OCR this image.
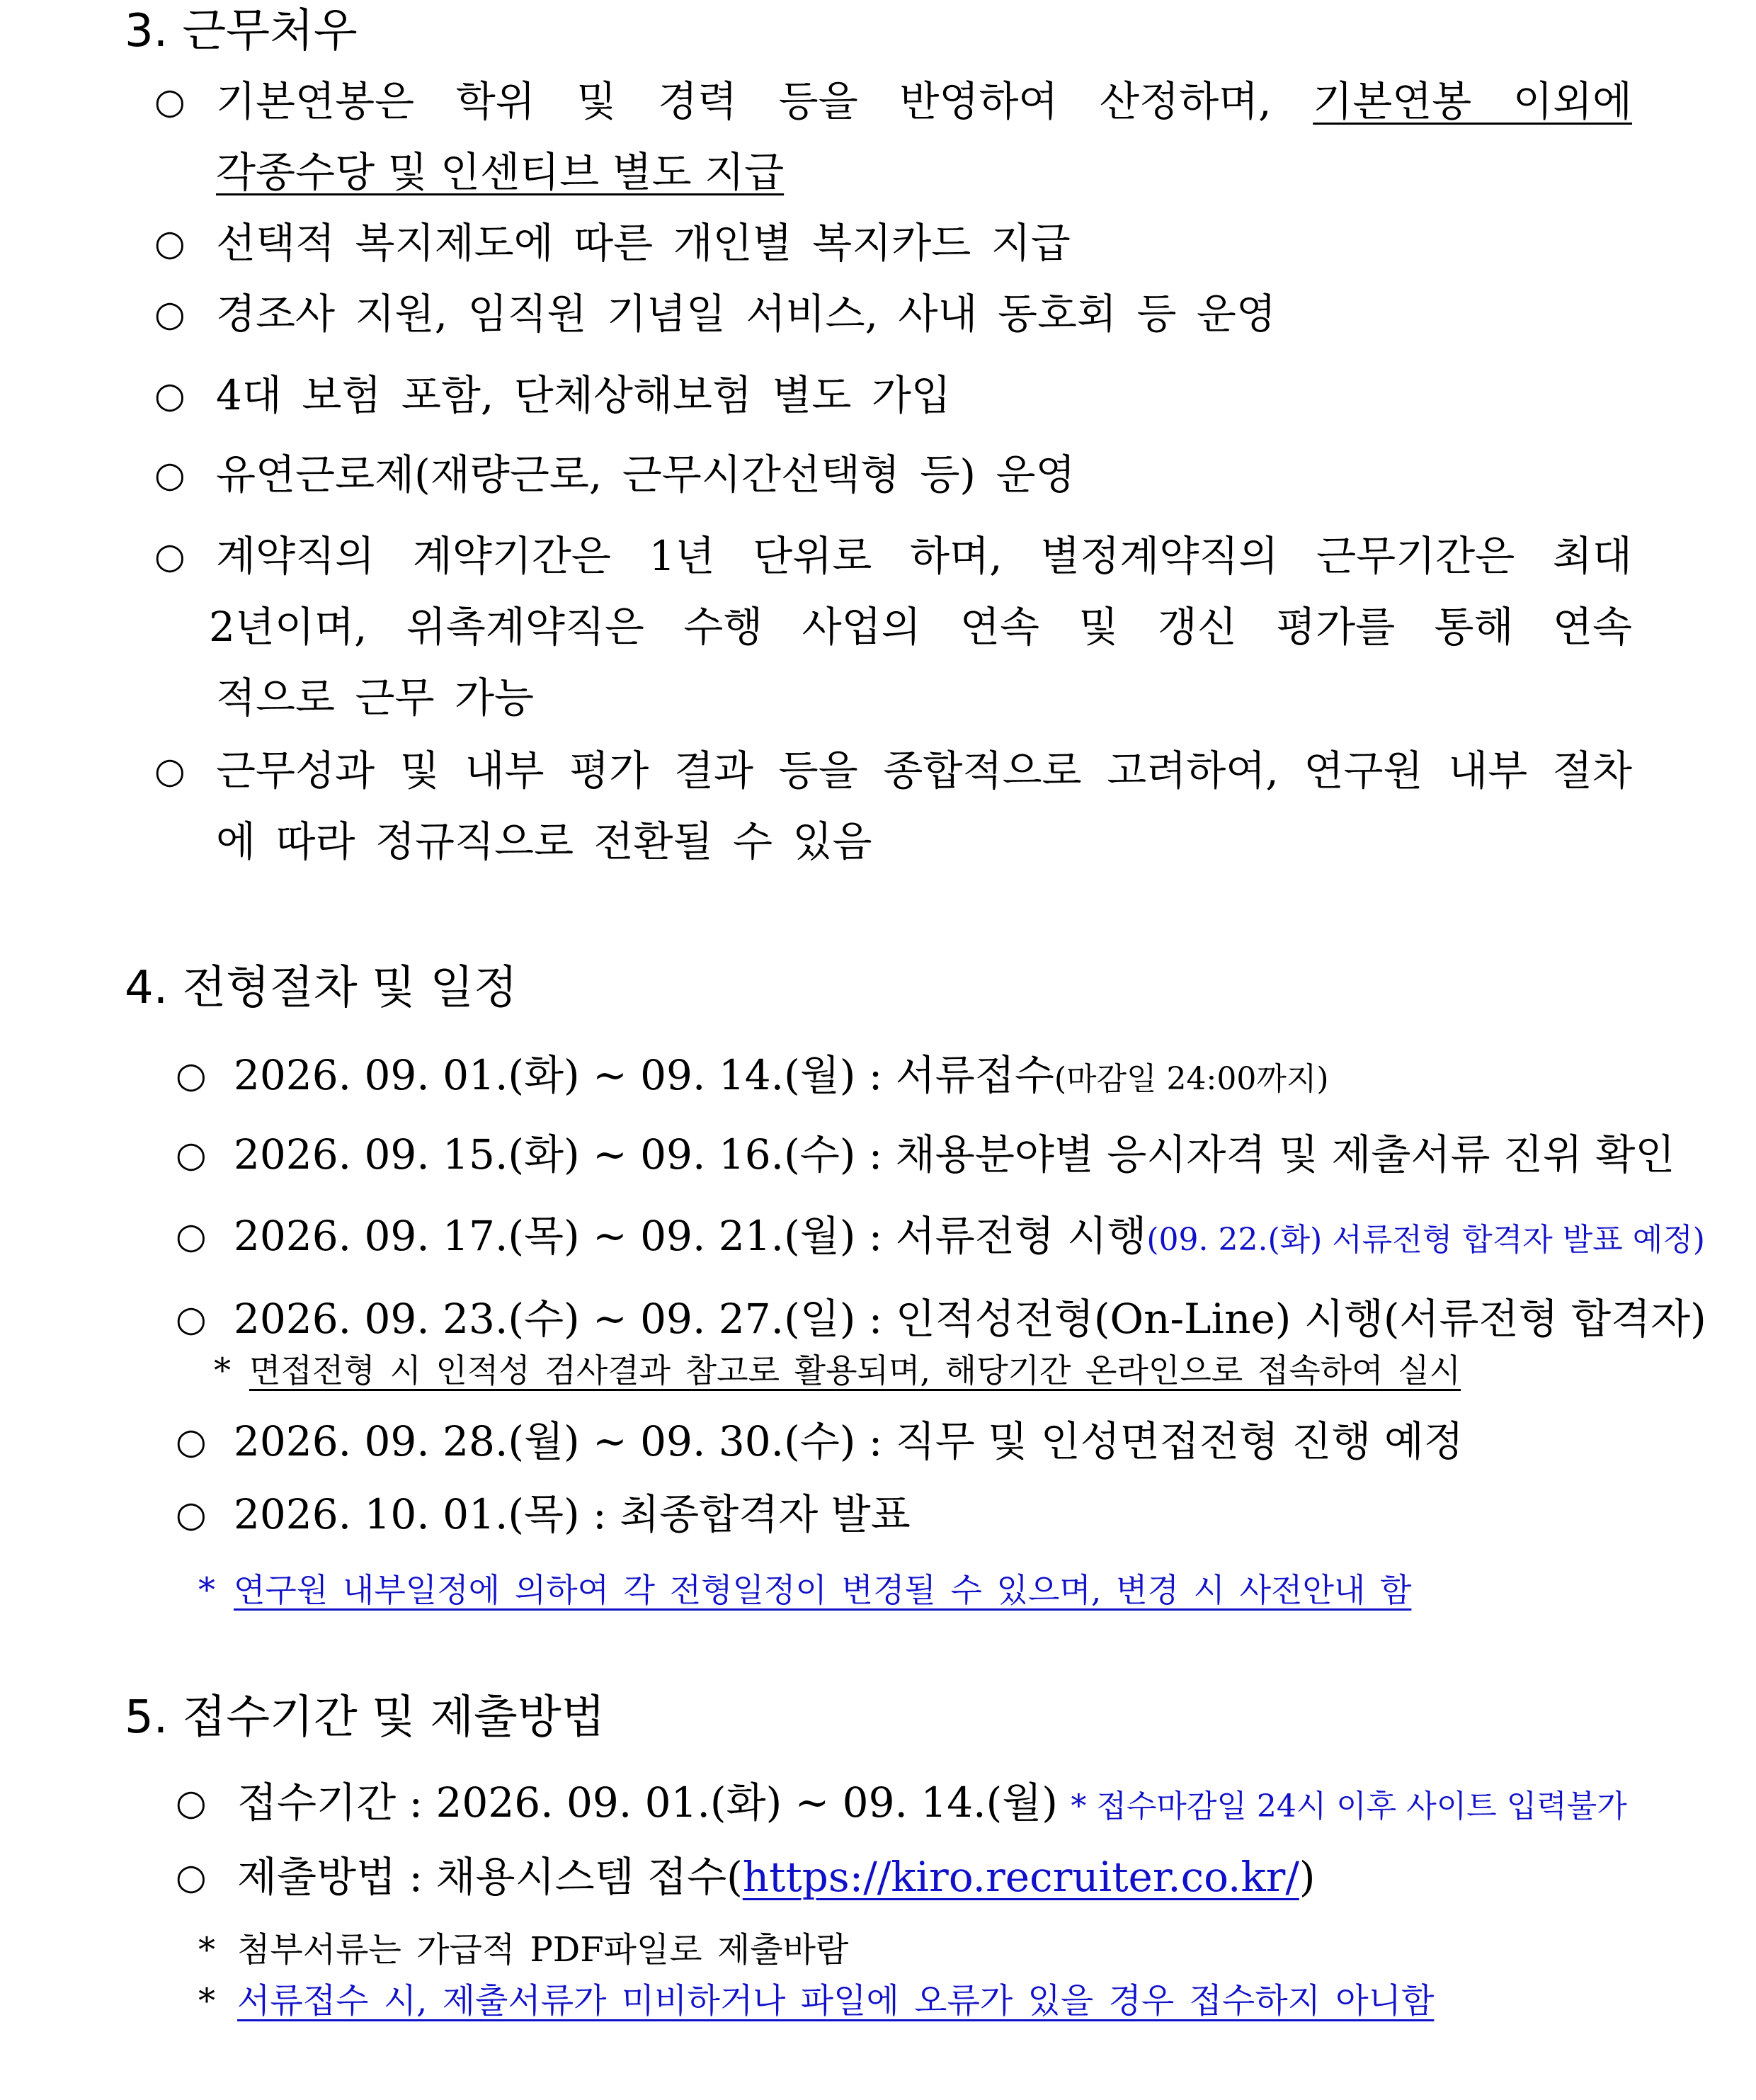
3. 근무처우
○ 기본연봉은 학위 및 경력 등을 반영하여 산정하며, 기본연봉 이외에
각종수당 및 인센티브 별도 지급
○ 선택적 복지제도에 따른 개인별 복지카드 지급
○ 경조사 지원, 임직원 기념일 서비스, 사내 동호회 등 운영
○ 4대 보험 포함, 단체상해보험 별도 가입
○ 유연근로제(재량근로, 근무시간선택형 등) 운영
○ 계약직의 계약기간은 1년 단위로 하며, 별정계약직의 근무기간은 최대
2년이며, 위촉계약직은 수행 사업의 연속 및 갱신 평가를 통해 연속
적으로 근무 가능
○ 근무성과 및 내부 평가 결과 등을 종합적으로 고려하여, 연구원 내부 절차
에 따라 정규직으로 전환될 수 있음
4. 전형절차 및 일정
○ 2026. 09. 01.(화) ~ 09. 14.(월) : 서류접수(마감일 24:00까지)
○ 2026. 09. 15.(화) ~ 09. 16.(수) : 채용분야별 응시자격 및 제출서류 진위 확인
○ 2026. 09. 17.(목) ~ 09. 21.(월) : 서류전형 시행(09. 22.(화) 서류전형 합격자 발표 예정)
○ 2026. 09. 23.(수) ~ 09. 27.(일) : 인적성전형(On-Line) 시행(서류전형 합격자)
* 면접전형 시 인적성 검사결과 참고로 활용되며, 해당기간 온라인으로 접속하여 실시
○ 2026. 09. 28.(월) ~ 09. 30.(수) : 직무 및 인성면접전형 진행 예정
○ 2026. 10. 01.(목) : 최종합격자 발표
* 연구원 내부일정에 의하여 각 전형일정이 변경될 수 있으며, 변경 시 사전안내 함
5. 접수기간 및 제출방법
○ 접수기간 : 2026. 09. 01.(화) ~ 09. 14.(월) * 접수마감일 24시 이후 사이트 입력불가
○ 제출방법 : 채용시스템 접수(https://kiro.recruiter.co.kr/)
* 첨부서류는 가급적 PDF파일로 제출바람
* 서류접수 시, 제출서류가 미비하거나 파일에 오류가 있을 경우 접수하지 아니함
